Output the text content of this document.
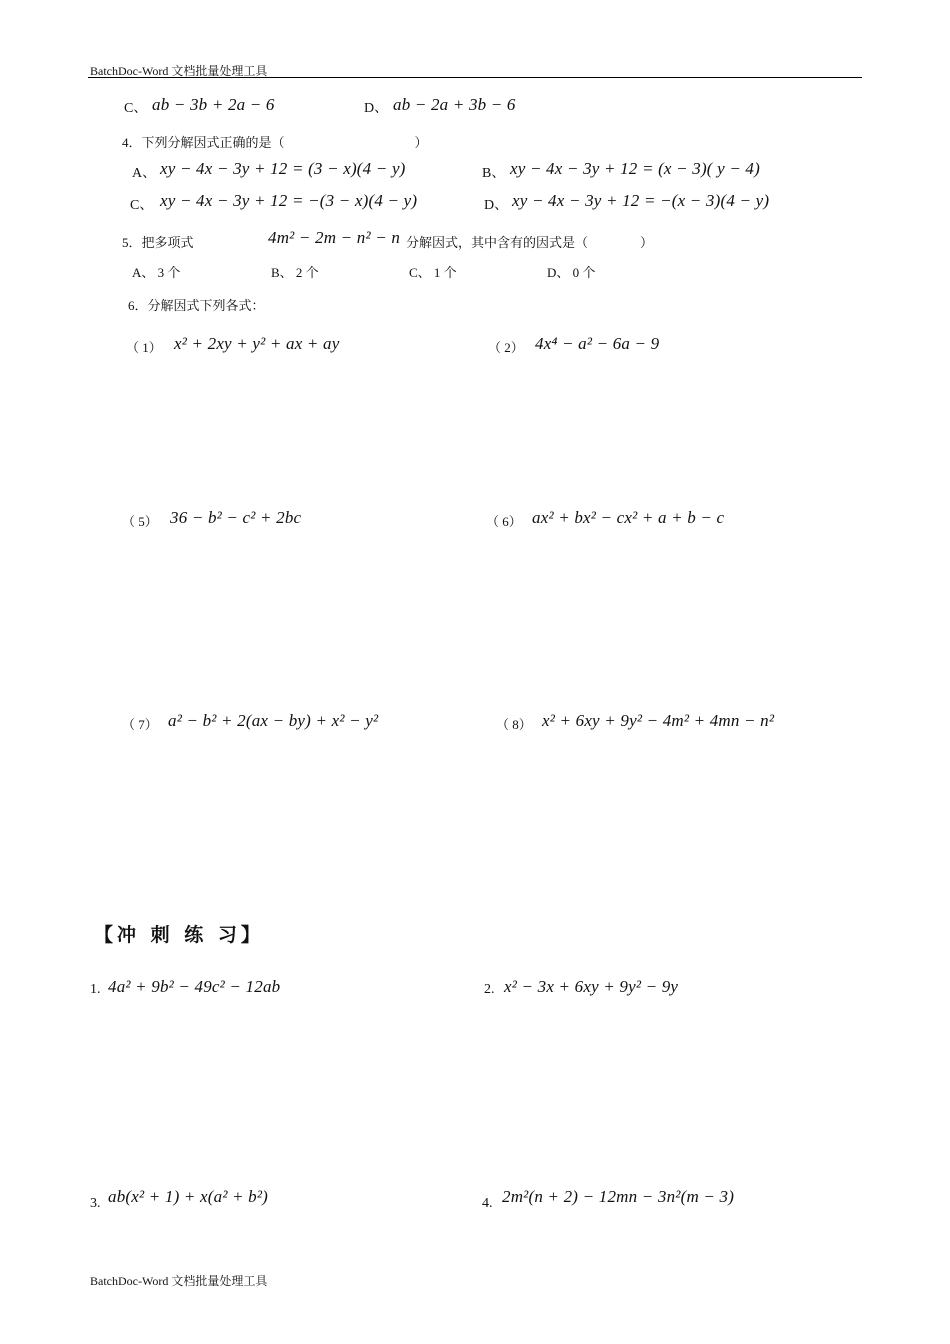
BatchDoc-Word 文档批量处理工具
C、 ab − 3b + 2a − 6	D、 ab − 2a + 3b − 6
4．下列分解因式正确的是（　　　　　　　　　　）
A、 xy − 4x − 3y + 12 = (3 − x)(4 − y)	B、 xy − 4x − 3y + 12 = (x − 3)( y − 4)
C、 xy − 4x − 3y + 12 = −(3 − x)(4 − y)	D、 xy − 4x − 3y + 12 = −(x − 3)(4 − y)
5．把多项式　	4m² − 2m − n² − n 分解因式，其中含有的因式是（　　　　）
A、 3 个	B、 2 个	C、 1 个	D、 0 个
6．分解因式下列各式：
（ 1） x² + 2xy + y² + ax + ay	（ 2） 4x⁴ − a² − 6a − 9
（ 5） 36 − b² − c² + 2bc	（ 6） ax² + bx² − cx² + a + b − c
（ 7） a² − b² + 2(ax − by) + x² − y²	（ 8） x² + 6xy + 9y² − 4m² + 4mn − n²
【冲 刺 练 习】
1. 4a² + 9b² − 49c² − 12ab	2. x² − 3x + 6xy + 9y² − 9y
3. ab(x² + 1) + x(a² + b²)	4. 2m²(n + 2) − 12mn − 3n²(m − 3)
BatchDoc-Word 文档批量处理工具
